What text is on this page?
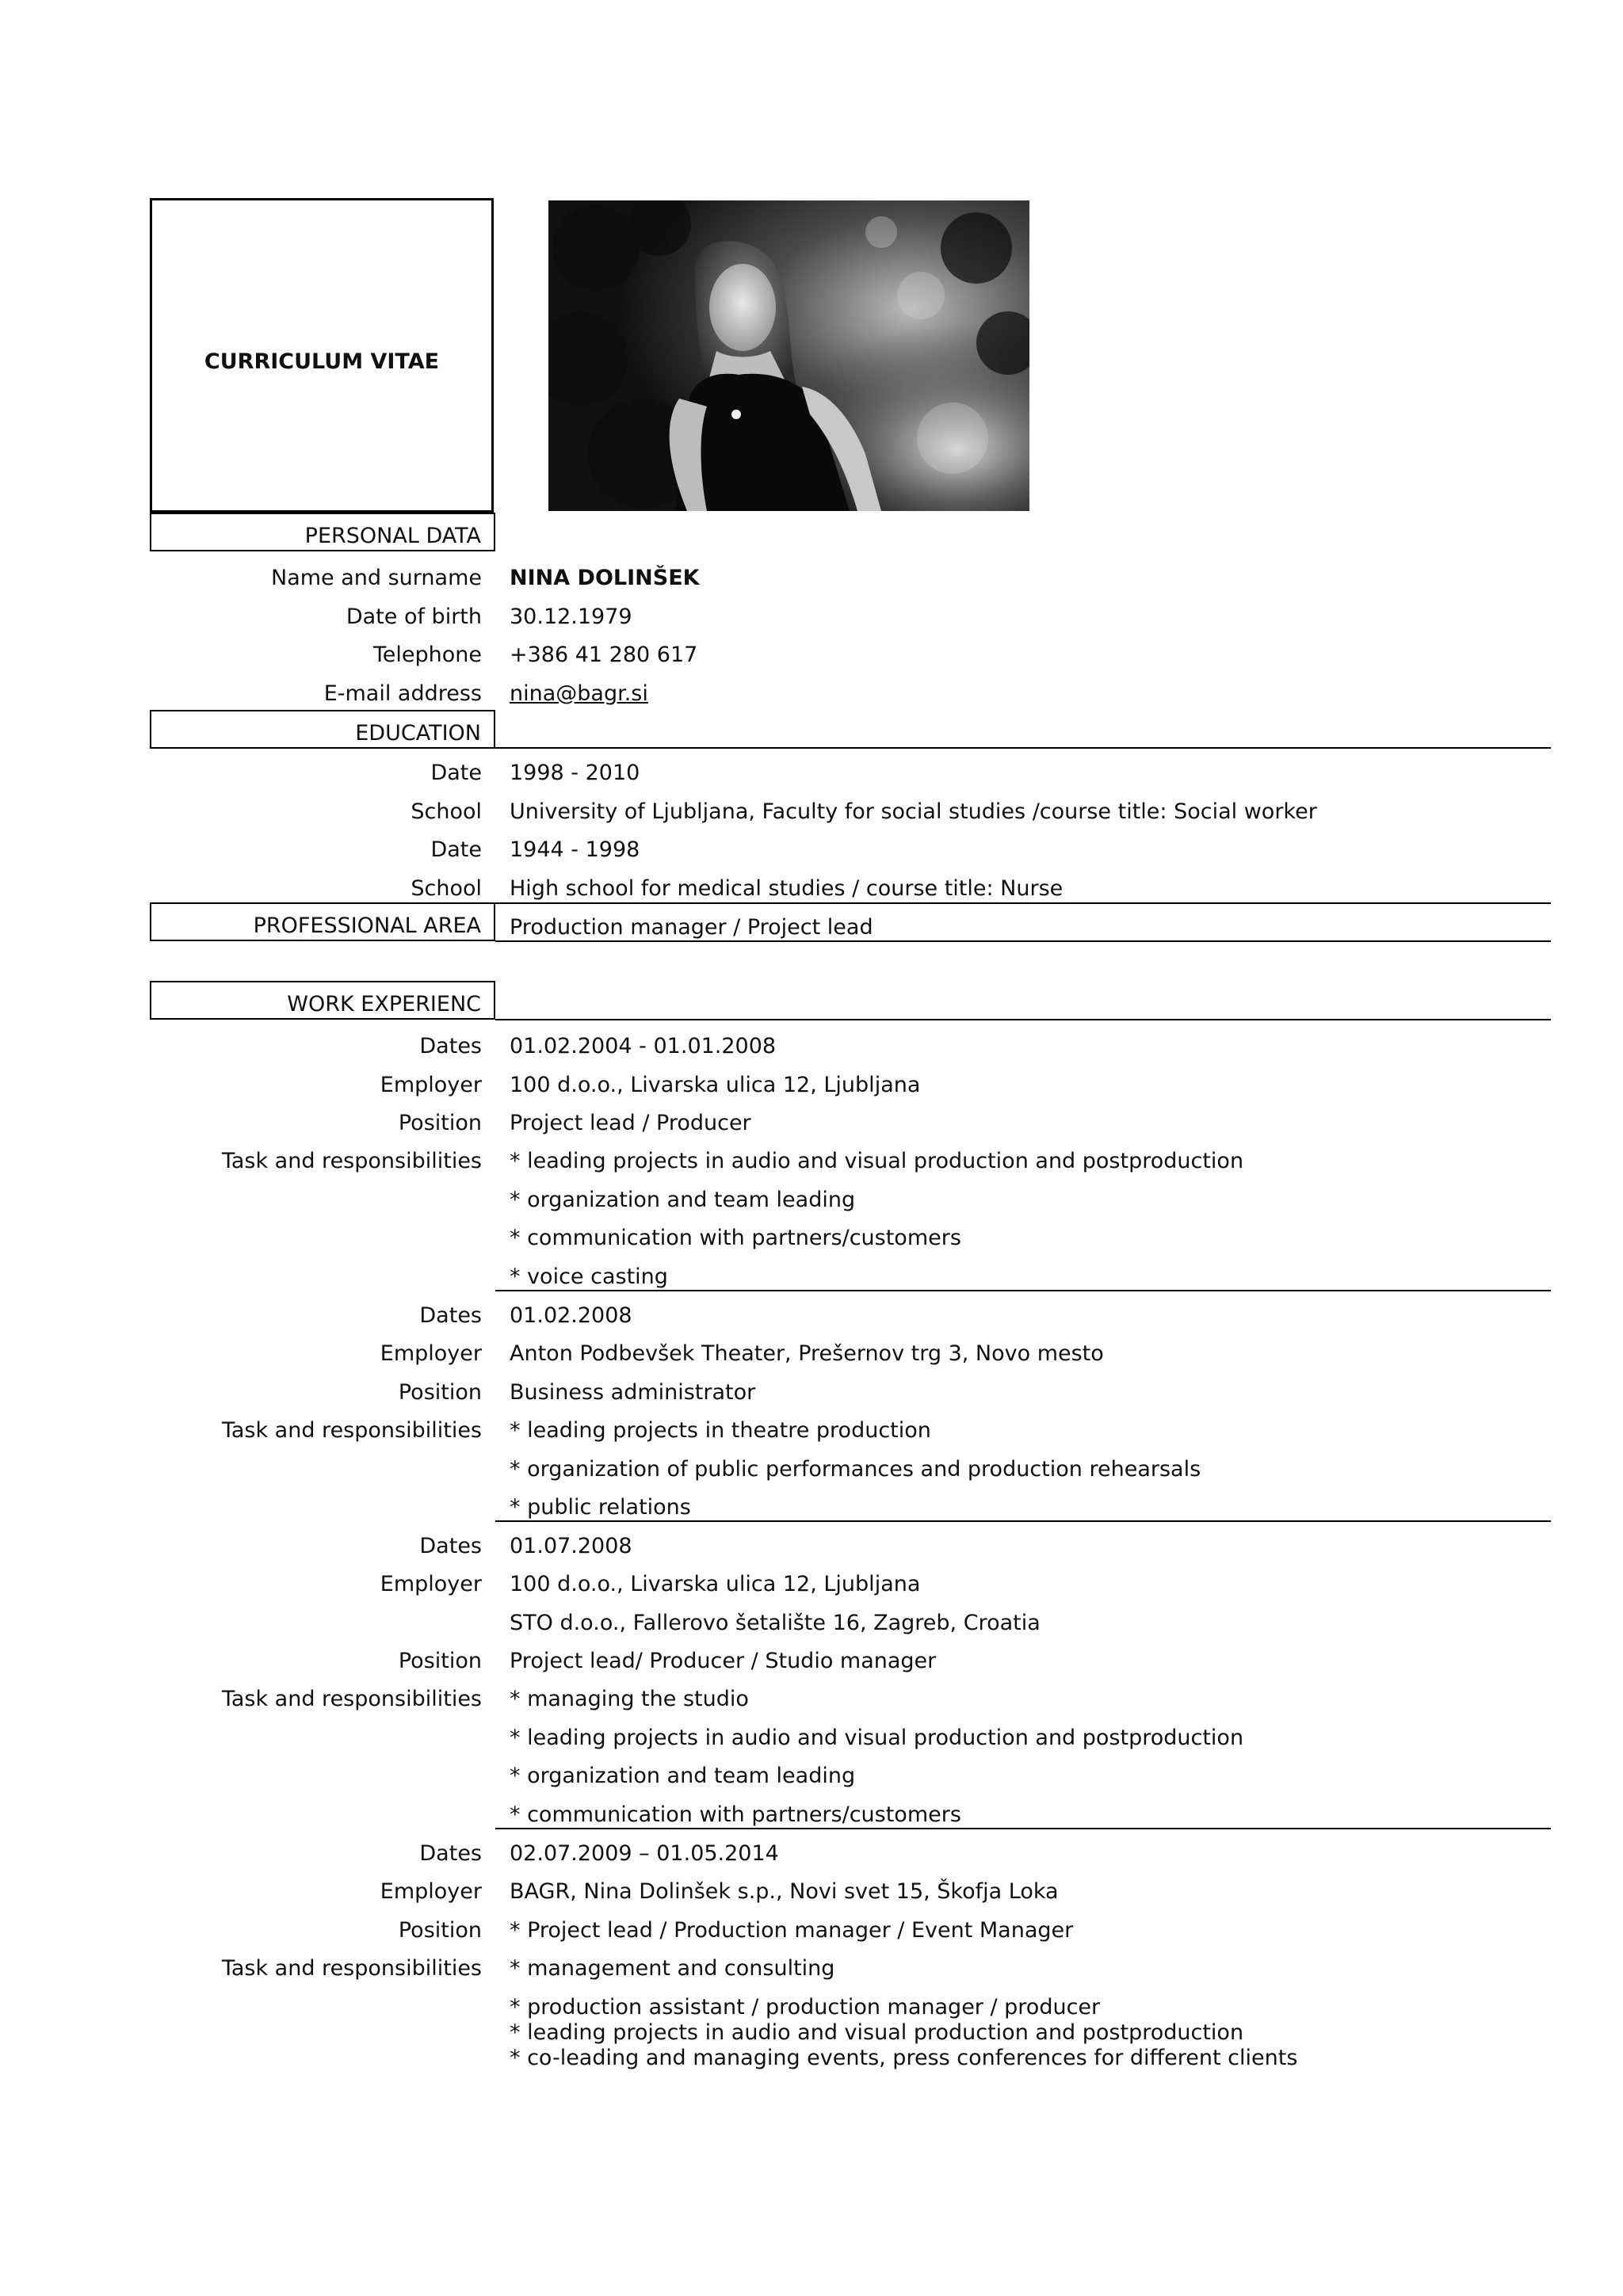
CURRICULUM VITAE
PERSONAL DATA
Name and surname NINA DOLINŠEK
Date of birth 30.12.1979
Telephone +386 41 280 617
E-mail address nina@bagr.si
EDUCATION
Date 1998 - 2010
School University of Ljubljana, Faculty for social studies /course title: Social worker
Date 1944 - 1998
School High school for medical studies / course title: Nurse
PROFESSIONAL AREA Production manager / Project lead
WORK EXPERIENC
Dates 01.02.2004 - 01.01.2008
Employer 100 d.o.o., Livarska ulica 12, Ljubljana
Position Project lead / Producer
Task and responsibilities * leading projects in audio and visual production and postproduction
* organization and team leading
* communication with partners/customers
* voice casting
Dates 01.02.2008
Employer Anton Podbevšek Theater, Prešernov trg 3, Novo mesto
Position Business administrator
Task and responsibilities * leading projects in theatre production
* organization of public performances and production rehearsals
* public relations
Dates 01.07.2008
Employer 100 d.o.o., Livarska ulica 12, Ljubljana
STO d.o.o., Fallerovo šetalište 16, Zagreb, Croatia
Position Project lead/ Producer / Studio manager
Task and responsibilities * managing the studio
* leading projects in audio and visual production and postproduction
* organization and team leading
* communication with partners/customers
Dates 02.07.2009 – 01.05.2014
Employer BAGR, Nina Dolinšek s.p., Novi svet 15, Škofja Loka
Position * Project lead / Production manager / Event Manager
Task and responsibilities * management and consulting
* production assistant / production manager / producer
* leading projects in audio and visual production and postproduction
* co-leading and managing events, press conferences for different clients
